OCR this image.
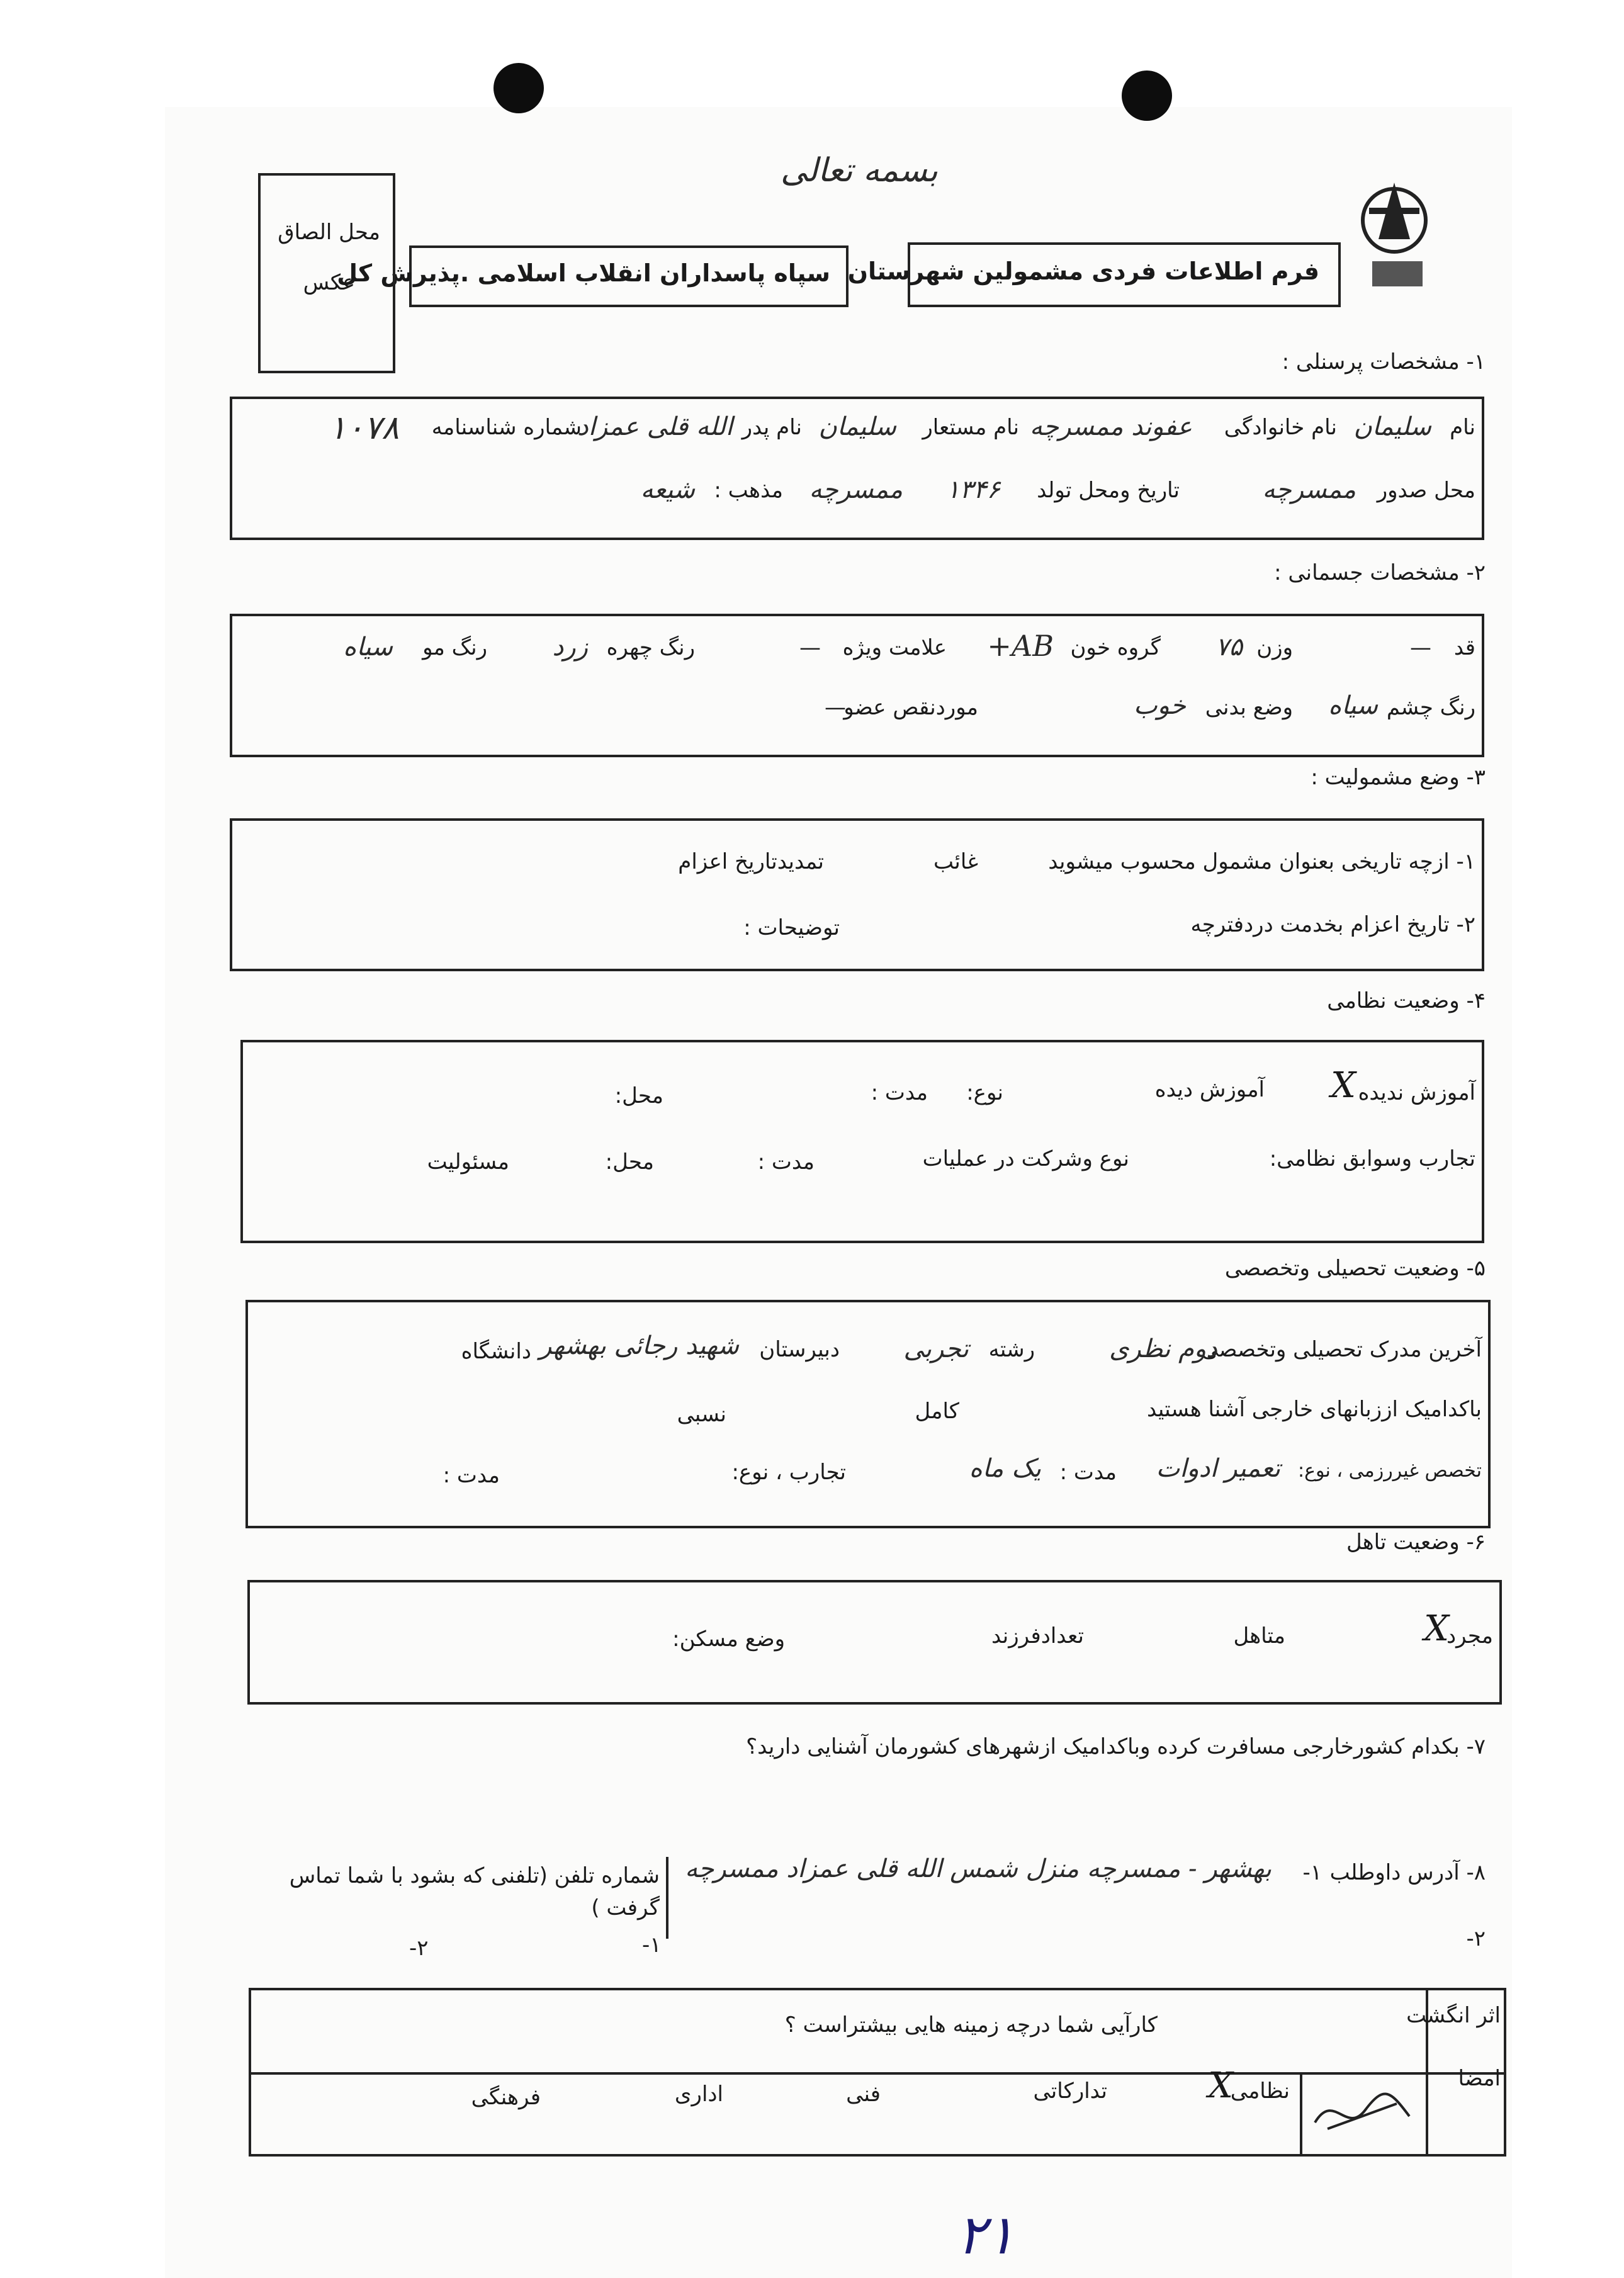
بسمه تعالی
فرم اطلاعات فردی مشمولین شهرستان
سپاه پاسداران انقلاب اسلامی .پذیرش کل
محل الصاق
عکس
۱- مشخصات پرسنلی :
نام
سلیمان
نام خانوادگی
عفوند ممسرچه
نام مستعار
سلیمان
نام پدر
الله قلی عمزاد
شماره شناسنامه
۱۰۷۸
محل صدور
ممسرچه
تاریخ ومحل تولد
۱۳۴۶
ممسرچه
مذهب :
شیعه
۲- مشخصات جسمانی :
قد
—
وزن
۷۵
گروه خون
AB+
علامت ویژه
—
رنگ چهره
زرد
رنگ مو
سیاه
رنگ چشم
سیاه
وضع بدنی
خوب
موردنقص عضو
—
۳- وضع مشمولیت :
۱- ازچه تاریخی بعنوان مشمول محسوب میشوید
غائب
تمدیدتاریخ اعزام
۲- تاریخ اعزام بخدمت دردفترچه
توضیحات :
۴- وضعیت نظامی
آموزش ندیده
X
آموزش دیده
نوع:
مدت :
محل:
تجارب وسوابق نظامی:
نوع وشرکت در عملیات
مدت :
محل:
مسئولیت
۵- وضعیت تحصیلی وتخصصی
آخرین مدرک تحصیلی وتخصصی
دوم نظری
رشته
تجربی
دبیرستان
شهید رجائی بهشهر
دانشگاه
باکدامیک اززبانهای خارجی آشنا هستید
کامل
نسبی
تخصص غیررزمی ، نوع:
تعمیر ادوات
مدت :
یک ماه
تجارب ، نوع:
مدت :
۶- وضعیت تاهل
مجرد
X
متاهل
تعدادفرزند
وضع مسکن:
۷- بکدام کشورخارجی مسافرت کرده وباکدامیک ازشهرهای کشورمان آشنایی دارید؟
۸- آدرس داوطلب
۱-
بهشهر - ممسرچه منزل شمس الله قلی عمزاد ممسرچه
۲-
شماره تلفن (تلفنی که بشود با شما تماس گرفت )
۱-
۲-
اثر انگشت
امضا
کارآیی شما درچه زمینه هایی بیشتراست ؟
نظامی
X
تدارکاتی
فنی
اداری
فرهنگی
۲۱
